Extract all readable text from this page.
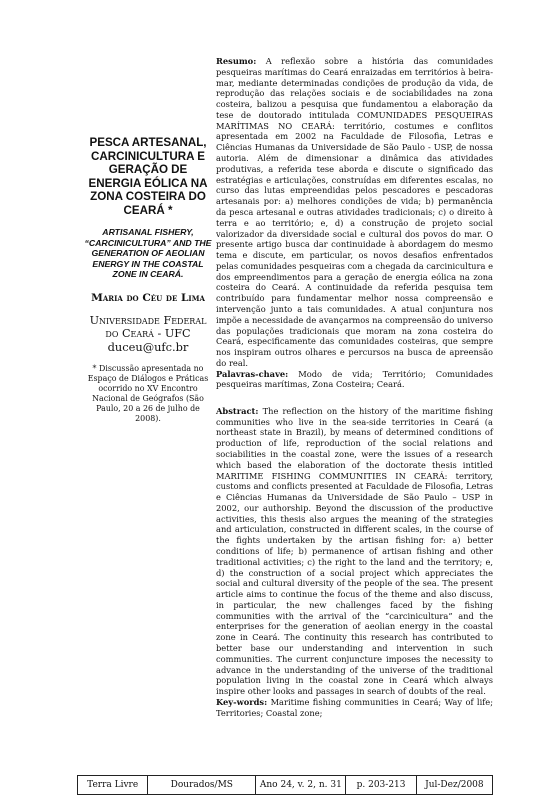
PESCA ARTESANAL, CARCINICULTURA E GERAÇÃO DE ENERGIA EÓLICA NA ZONA COSTEIRA DO CEARÁ *

ARTISANAL FISHERY, “CARCINICULTURA” AND THE GENERATION OF AEOLIAN ENERGY IN THE COASTAL ZONE IN CEARÁ.

Maria do Céu de Lima

Universidade Federal do Ceará - UFC

duceu@ufc.br

* Discussão apresentada no Espaço de Diálogos e Práticas ocorrido no XV Encontro Nacional de Geógrafos (São Paulo, 20 a 26 de julho de 2008).

Resumo: A reflexão sobre a história das comunidades pesqueiras marítimas do Ceará enraizadas em territórios à beira-mar, mediante determinadas condições de produção da vida, de reprodução das relações sociais e de sociabilidades na zona costeira, balizou a pesquisa que fundamentou a elaboração da tese de doutorado intitulada COMUNIDADES PESQUEIRAS MARÍTIMAS NO CEARÁ: território, costumes e conflitos apresentada em 2002 na Faculdade de Filosofia, Letras e Ciências Humanas da Universidade de São Paulo - USP, de nossa autoria. Além de dimensionar a dinâmica das atividades produtivas, a referida tese aborda e discute o significado das estratégias e articulações, construídas em diferentes escalas, no curso das lutas empreendidas pelos pescadores e pescadoras artesanais por: a) melhores condições de vida; b) permanência da pesca artesanal e outras atividades tradicionais; c) o direito à terra e ao território; e, d) a construção de projeto social valorizador da diversidade social e cultural dos povos do mar. O presente artigo busca dar continuidade à abordagem do mesmo tema e discute, em particular, os novos desafios enfrentados pelas comunidades pesqueiras com a chegada da carcinicultura e dos empreendimentos para a geração de energia eólica na zona costeira do Ceará. A continuidade da referida pesquisa tem contribuído para fundamentar melhor nossa compreensão e intervenção junto a tais comunidades. A atual conjuntura nos impõe a necessidade de avançarmos na compreensão do universo das populações tradicionais que moram na zona costeira do Ceará, especificamente das comunidades costeiras, que sempre nos inspiram outros olhares e percursos na busca de apreensão do real.

Palavras-chave: Modo de vida; Território; Comunidades pesqueiras marítimas, Zona Costeira; Ceará.

Abstract: The reflection on the history of the maritime fishing communities who live in the sea-side territories in Ceará (a northeast state in Brazil), by means of determined conditions of production of life, reproduction of the social relations and sociabilities in the coastal zone, were the issues of a research which based the elaboration of the doctorate thesis intitled MARITIME FISHING COMMUNITIES IN CEARÁ: territory, customs and conflicts presented at Faculdade de Filosofia, Letras e Ciências Humanas da Universidade de São Paulo – USP in 2002, our authorship. Beyond the discussion of the productive activities, this thesis also argues the meaning of the strategies and articulation, constructed in different scales, in the course of the fights undertaken by the artisan fishing for: a) better conditions of life; b) permanence of artisan fishing and other traditional activities; c) the right to the land and the territory; e, d) the construction of a social project which appreciates the social and cultural diversity of the people of the sea. The present article aims to continue the focus of the theme and also discuss, in particular, the new challenges faced by the fishing communities with the arrival of the “carcinicultura” and the enterprises for the generation of aeolian energy in the coastal zone in Ceará. The continuity this research has contributed to better base our understanding and intervention in such communities. The current conjuncture imposes the necessity to advance in the understanding of the universe of the traditional population living in the coastal zone in Ceará which always inspire other looks and passages in search of doubts of the real.

Key-words: Maritime fishing communities in Ceará; Way of life; Territories; Coastal zone;

Terra Livre	Dourados/MS	Ano 24, v. 2, n. 31	p. 203-213	Jul-Dez/2008
